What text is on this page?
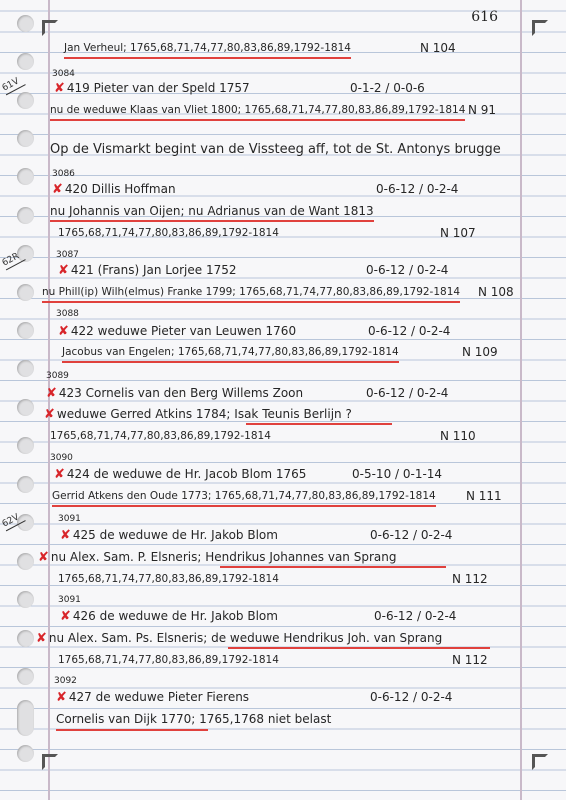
616
61V
62R
62V
Jan Verheul; 1765,68,71,74,77,80,83,86,89,1792-1814	N 104
3084
✘ 419 Pieter van der Speld 1757	0-1-2 / 0-0-6
nu de weduwe Klaas van Vliet 1800; 1765,68,71,74,77,80,83,86,89,1792-1814 N 91
Op de Vismarkt begint van de Vissteeg aff, tot de St. Antonys brugge
3086
✘ 420 Dillis Hoffman	0-6-12 / 0-2-4
nu Johannis van Oijen; nu Adrianus van de Want 1813
1765,68,71,74,77,80,83,86,89,1792-1814	N 107
3087
✘ 421 (Frans) Jan Lorjee 1752	0-6-12 / 0-2-4
nu Phill(ip) Wilh(elmus) Franke 1799; 1765,68,71,74,77,80,83,86,89,1792-1814 N 108
3088
✘ 422 weduwe Pieter van Leuwen 1760	0-6-12 / 0-2-4
Jacobus van Engelen; 1765,68,71,74,77,80,83,86,89,1792-1814	N 109
3089
✘ 423 Cornelis van den Berg Willems Zoon	0-6-12 / 0-2-4
✘ weduwe Gerred Atkins 1784; Isak Teunis Berlijn ?
1765,68,71,74,77,80,83,86,89,1792-1814	N 110
3090
✘ 424 de weduwe de Hr. Jacob Blom 1765	0-5-10 / 0-1-14
Gerrid Atkens den Oude 1773; 1765,68,71,74,77,80,83,86,89,1792-1814	N 111
3091
✘ 425 de weduwe de Hr. Jakob Blom	0-6-12 / 0-2-4
✘ nu Alex. Sam. P. Elsneris; Hendrikus Johannes van Sprang
1765,68,71,74,77,80,83,86,89,1792-1814	N 112
3091
✘ 426 de weduwe de Hr. Jakob Blom	0-6-12 / 0-2-4
✘ nu Alex. Sam. Ps. Elsneris; de weduwe Hendrikus Joh. van Sprang
1765,68,71,74,77,80,83,86,89,1792-1814	N 112
3092
✘ 427 de weduwe Pieter Fierens	0-6-12 / 0-2-4
Cornelis van Dijk 1770; 1765,1768 niet belast
